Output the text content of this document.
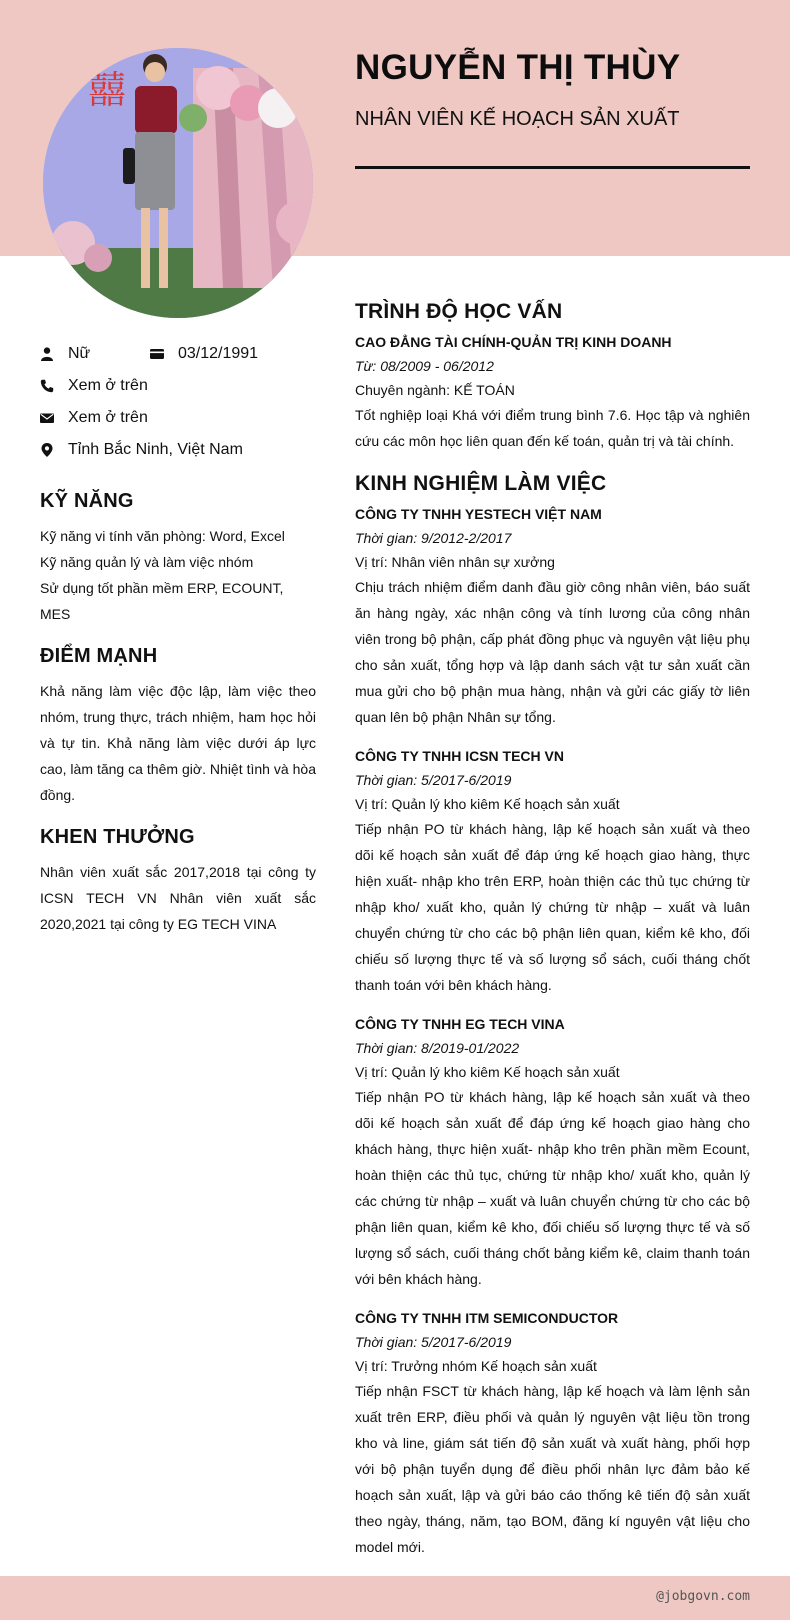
囍
NGUYỄN THỊ THÙY
NHÂN VIÊN KẾ HOẠCH SẢN XUẤT
Nữ	03/12/1991
Xem ở trên
Xem ở trên
Tỉnh Bắc Ninh, Việt Nam
KỸ NĂNG
Kỹ năng vi tính văn phòng: Word, Excel
Kỹ năng quản lý và làm việc nhóm
Sử dụng tốt phần mềm ERP, ECOUNT, MES
ĐIỂM MẠNH
Khả năng làm việc độc lập, làm việc theo nhóm, trung thực, trách nhiệm, ham học hỏi và tự tin. Khả năng làm việc dưới áp lực cao, làm tăng ca thêm giờ. Nhiệt tình và hòa đồng.
KHEN THƯỞNG
Nhân viên xuất sắc 2017,2018 tại công ty ICSN TECH VN Nhân viên xuất sắc 2020,2021 tại công ty EG TECH VINA
TRÌNH ĐỘ HỌC VẤN
CAO ĐẲNG TÀI CHÍNH-QUẢN TRỊ KINH DOANH
Từ: 08/2009 - 06/2012
Chuyên ngành: KẾ TOÁN
Tốt nghiệp loại Khá với điểm trung bình 7.6. Học tập và nghiên cứu các môn học liên quan đến kế toán, quản trị và tài chính.
KINH NGHIỆM LÀM VIỆC
CÔNG TY TNHH YESTECH VIỆT NAM
Thời gian: 9/2012-2/2017
Vị trí: Nhân viên nhân sự xưởng
Chịu trách nhiệm điểm danh đầu giờ công nhân viên, báo suất ăn hàng ngày, xác nhận công và tính lương của công nhân viên trong bộ phận, cấp phát đồng phục và nguyên vật liệu phụ cho sản xuất, tổng hợp và lập danh sách vật tư sản xuất cần mua gửi cho bộ phận mua hàng, nhận và gửi các giấy tờ liên quan lên bộ phận Nhân sự tổng.
CÔNG TY TNHH ICSN TECH VN
Thời gian: 5/2017-6/2019
Vị trí: Quản lý kho kiêm Kế hoạch sản xuất
Tiếp nhận PO từ khách hàng, lập kế hoạch sản xuất và theo dõi kế hoạch sản xuất để đáp ứng kế hoạch giao hàng, thực hiện xuất- nhập kho trên ERP, hoàn thiện các thủ tục chứng từ nhập kho/ xuất kho, quản lý chứng từ nhập – xuất và luân chuyển chứng từ cho các bộ phận liên quan, kiểm kê kho, đối chiếu số lượng thực tế và số lượng sổ sách, cuối tháng chốt thanh toán với bên khách hàng.
CÔNG TY TNHH EG TECH VINA
Thời gian: 8/2019-01/2022
Vị trí: Quản lý kho kiêm Kế hoạch sản xuất
Tiếp nhận PO từ khách hàng, lập kế hoạch sản xuất và theo dõi kế hoạch sản xuất để đáp ứng kế hoạch giao hàng cho khách hàng, thực hiện xuất- nhập kho trên phần mềm Ecount, hoàn thiện các thủ tục, chứng từ nhập kho/ xuất kho, quản lý các chứng từ nhập – xuất và luân chuyển chứng từ cho các bộ phận liên quan, kiểm kê kho, đối chiếu số lượng thực tế và số lượng sổ sách, cuối tháng chốt bảng kiểm kê, claim thanh toán với bên khách hàng.
CÔNG TY TNHH ITM SEMICONDUCTOR
Thời gian: 5/2017-6/2019
Vị trí: Trưởng nhóm Kế hoạch sản xuất
Tiếp nhận FSCT từ khách hàng, lập kế hoạch và làm lệnh sản xuất trên ERP, điều phối và quản lý nguyên vật liệu tồn trong kho và line, giám sát tiến độ sản xuất và xuất hàng, phối hợp với bộ phận tuyển dụng để điều phối nhân lực đảm bảo kế hoạch sản xuất, lập và gửi báo cáo thống kê tiến độ sản xuất theo ngày, tháng, năm, tạo BOM, đăng kí nguyên vật liệu cho model mới.
@jobgovn.com
